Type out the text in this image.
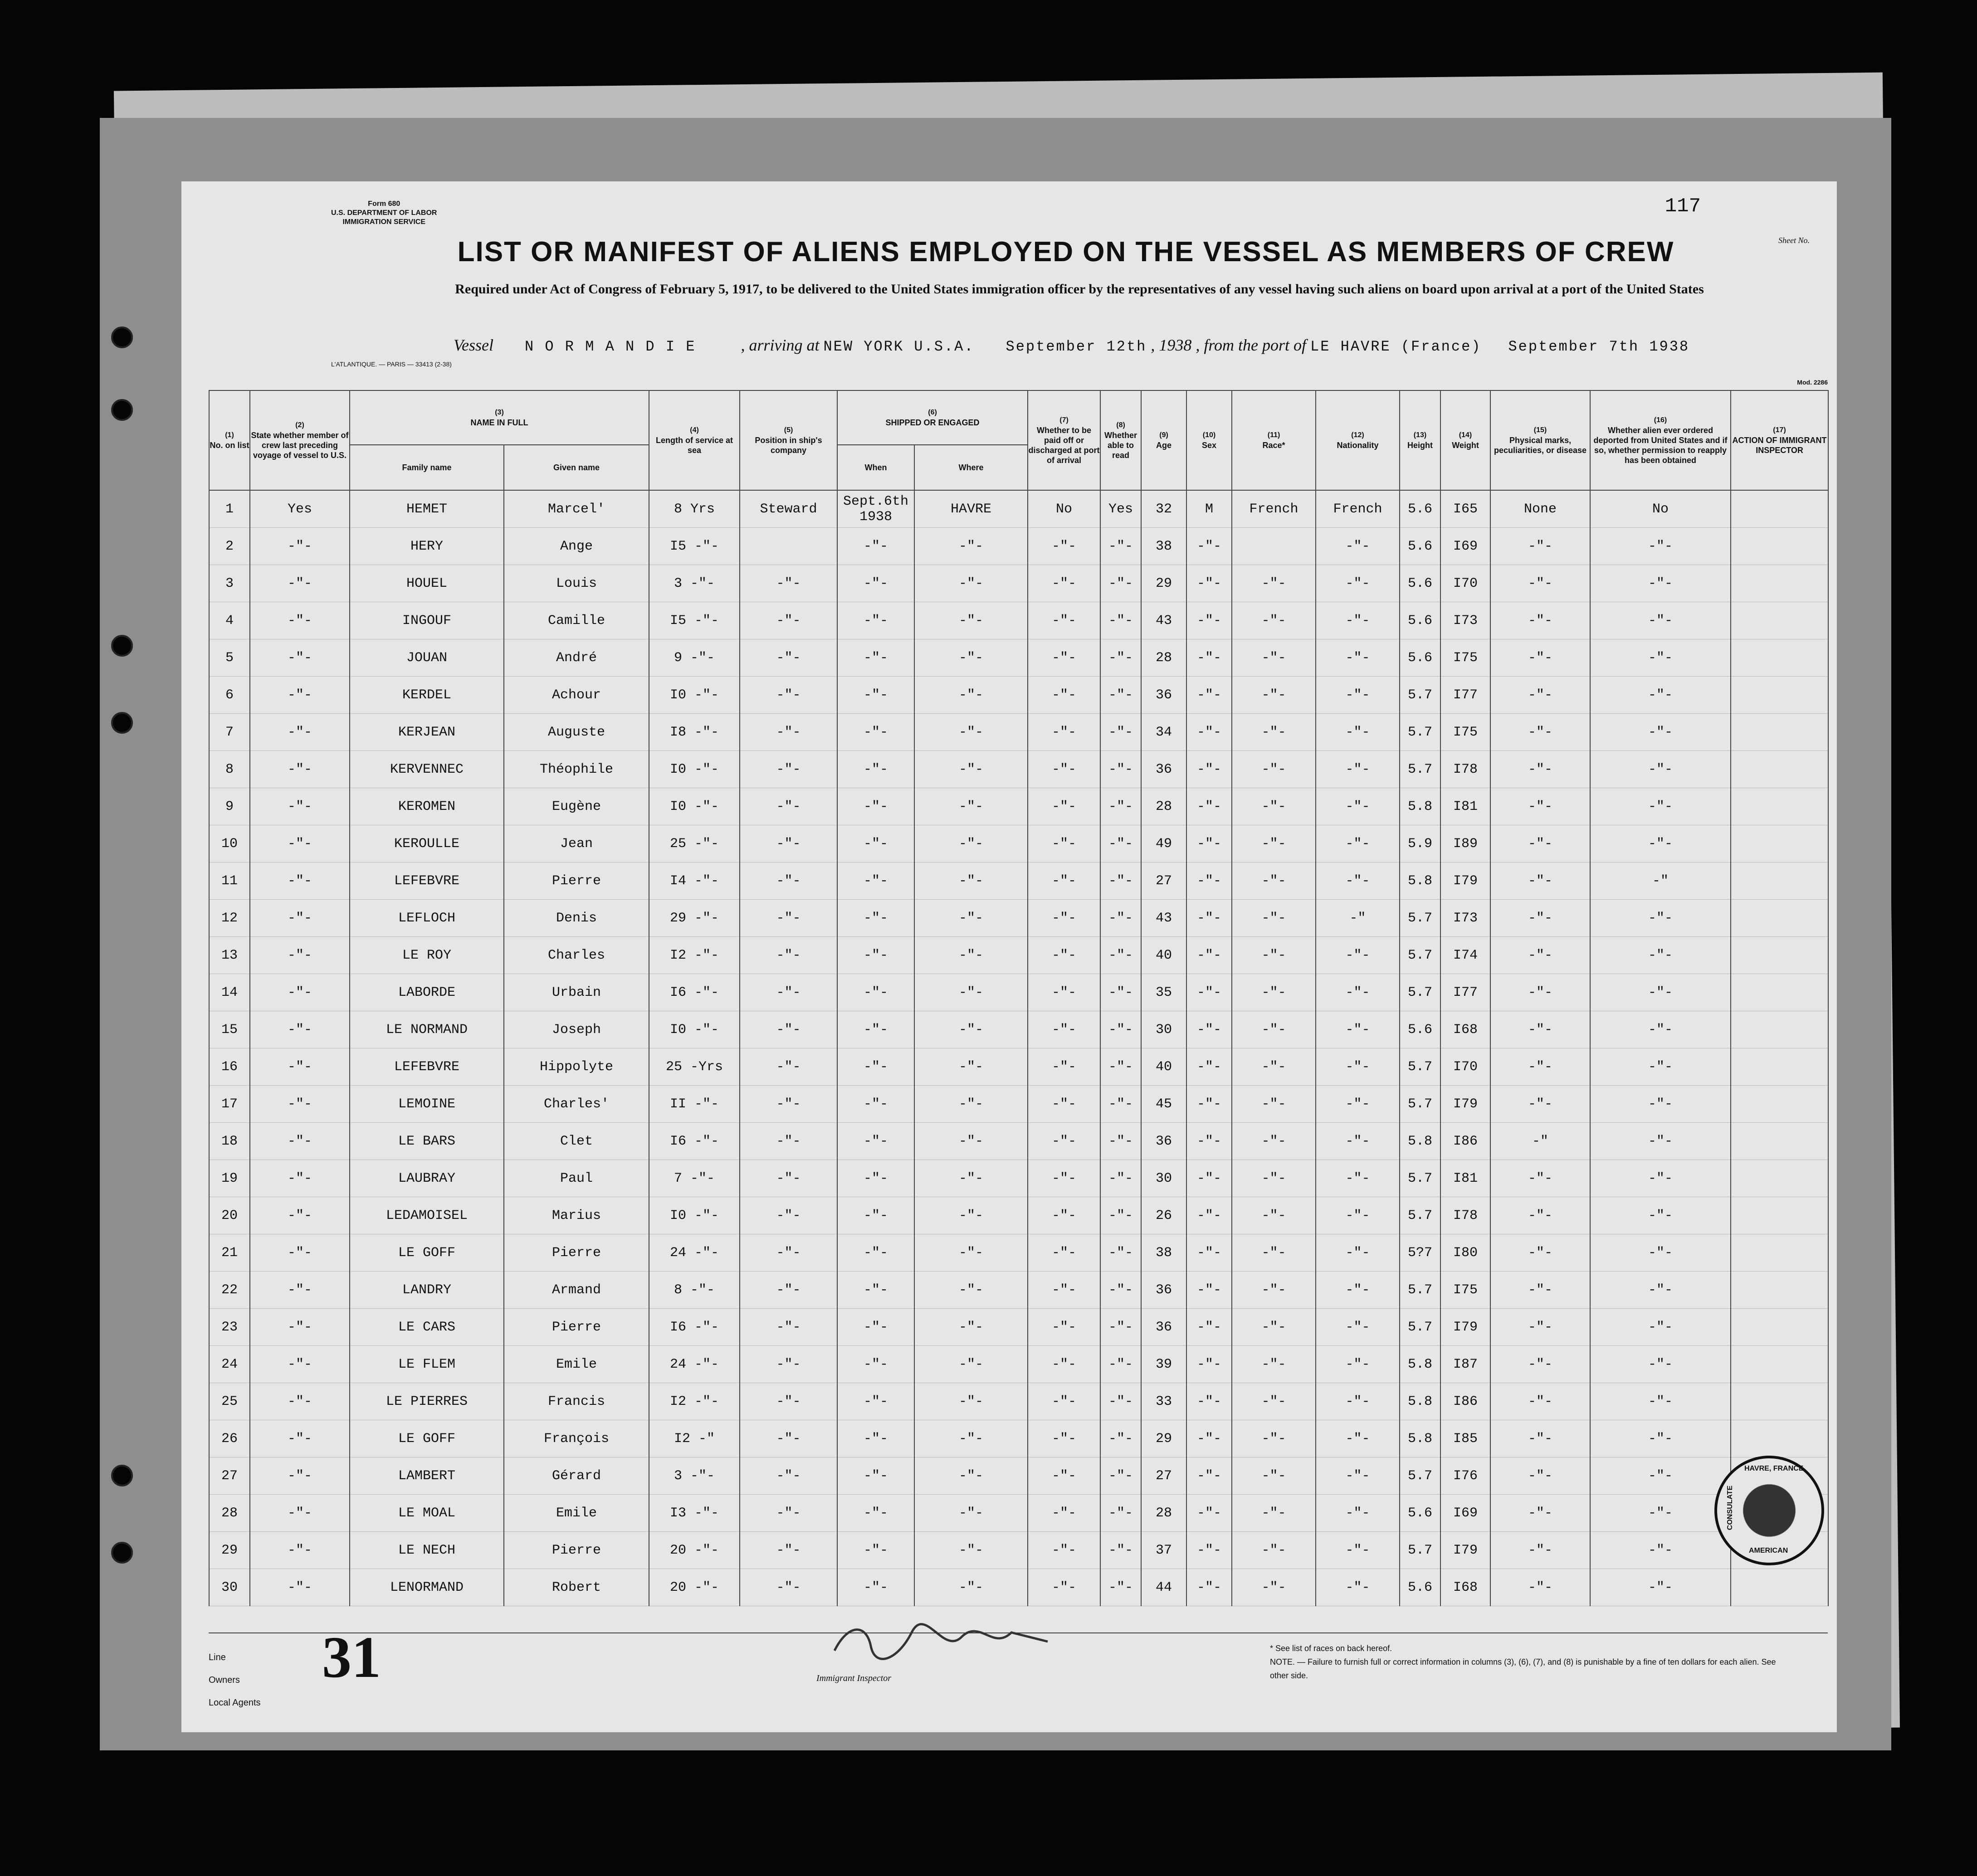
Form 680
U.S. DEPARTMENT OF LABOR
IMMIGRATION SERVICE
117
Sheet No.
LIST OR MANIFEST OF ALIENS EMPLOYED ON THE VESSEL AS MEMBERS OF CREW
Required under Act of Congress of February 5, 1917, to be delivered to the United States immigration officer by the representatives of any vessel having such aliens on board upon arrival at a port of the United States
Vessel N O R M A N D I E	, arriving at NEW YORK U.S.A. September 12th , 1938 , from the port of LE HAVRE (France) September 7th 1938
L'ATLANTIQUE. — PARIS — 33413 (2-38)
Mod. 2286
(1)
No. on list	(2)
State whether member of crew last preceding voyage of vessel to U.S.	(3)
NAME IN FULL		(4)
Length of service at sea	(5)
Position in ship's company	(6)
SHIPPED OR ENGAGED		(7)
Whether to be paid off or discharged at port of arrival	(8)
Whether able to read	(9)
Age	(10)
Sex	(11)
Race*	(12)
Nationality	(13)
Height	(14)
Weight	(15)
Physical marks, peculiarities, or disease	(16)
Whether alien ever ordered deported from United States and if so, whether permission to reapply has been obtained	(17)
ACTION OF IMMIGRANT INSPECTOR
		Family name	Given name			When	Where											
1	Yes	HEMET	Marcel'	8 Yrs	Steward	Sept.6th 1938	HAVRE	No	Yes	32	M	French	French	5.6	I65	None	No	
2	-"-	HERY	Ange	I5 -"-		-"-	-"-	-"-	-"-	38	-"-		-"-	5.6	I69	-"-	-"-	
3	-"-	HOUEL	Louis	3 -"-	-"-	-"-	-"-	-"-	-"-	29	-"-	-"-	-"-	5.6	I70	-"-	-"-	
4	-"-	INGOUF	Camille	I5 -"-	-"-	-"-	-"-	-"-	-"-	43	-"-	-"-	-"-	5.6	I73	-"-	-"-	
5	-"-	JOUAN	André	9 -"-	-"-	-"-	-"-	-"-	-"-	28	-"-	-"-	-"-	5.6	I75	-"-	-"-	
6	-"-	KERDEL	Achour	I0 -"-	-"-	-"-	-"-	-"-	-"-	36	-"-	-"-	-"-	5.7	I77	-"-	-"-	
7	-"-	KERJEAN	Auguste	I8 -"-	-"-	-"-	-"-	-"-	-"-	34	-"-	-"-	-"-	5.7	I75	-"-	-"-	
8	-"-	KERVENNEC	Théophile	I0 -"-	-"-	-"-	-"-	-"-	-"-	36	-"-	-"-	-"-	5.7	I78	-"-	-"-	
9	-"-	KEROMEN	Eugène	I0 -"-	-"-	-"-	-"-	-"-	-"-	28	-"-	-"-	-"-	5.8	I81	-"-	-"-	
10	-"-	KEROULLE	Jean	25 -"-	-"-	-"-	-"-	-"-	-"-	49	-"-	-"-	-"-	5.9	I89	-"-	-"-	
11	-"-	LEFEBVRE	Pierre	I4 -"-	-"-	-"-	-"-	-"-	-"-	27	-"-	-"-	-"-	5.8	I79	-"-	-"	
12	-"-	LEFLOCH	Denis	29 -"-	-"-	-"-	-"-	-"-	-"-	43	-"-	-"-	-"	5.7	I73	-"-	-"-	
13	-"-	LE ROY	Charles	I2 -"-	-"-	-"-	-"-	-"-	-"-	40	-"-	-"-	-"-	5.7	I74	-"-	-"-	
14	-"-	LABORDE	Urbain	I6 -"-	-"-	-"-	-"-	-"-	-"-	35	-"-	-"-	-"-	5.7	I77	-"-	-"-	
15	-"-	LE NORMAND	Joseph	I0 -"-	-"-	-"-	-"-	-"-	-"-	30	-"-	-"-	-"-	5.6	I68	-"-	-"-	
16	-"-	LEFEBVRE	Hippolyte	25 -Yrs	-"-	-"-	-"-	-"-	-"-	40	-"-	-"-	-"-	5.7	I70	-"-	-"-	
17	-"-	LEMOINE	Charles'	II -"-	-"-	-"-	-"-	-"-	-"-	45	-"-	-"-	-"-	5.7	I79	-"-	-"-	
18	-"-	LE BARS	Clet	I6 -"-	-"-	-"-	-"-	-"-	-"-	36	-"-	-"-	-"-	5.8	I86	-"	-"-	
19	-"-	LAUBRAY	Paul	7 -"-	-"-	-"-	-"-	-"-	-"-	30	-"-	-"-	-"-	5.7	I81	-"-	-"-	
20	-"-	LEDAMOISEL	Marius	I0 -"-	-"-	-"-	-"-	-"-	-"-	26	-"-	-"-	-"-	5.7	I78	-"-	-"-	
21	-"-	LE GOFF	Pierre	24 -"-	-"-	-"-	-"-	-"-	-"-	38	-"-	-"-	-"-	5?7	I80	-"-	-"-	
22	-"-	LANDRY	Armand	8 -"-	-"-	-"-	-"-	-"-	-"-	36	-"-	-"-	-"-	5.7	I75	-"-	-"-	
23	-"-	LE CARS	Pierre	I6 -"-	-"-	-"-	-"-	-"-	-"-	36	-"-	-"-	-"-	5.7	I79	-"-	-"-	
24	-"-	LE FLEM	Emile	24 -"-	-"-	-"-	-"-	-"-	-"-	39	-"-	-"-	-"-	5.8	I87	-"-	-"-	
25	-"-	LE PIERRES	Francis	I2 -"-	-"-	-"-	-"-	-"-	-"-	33	-"-	-"-	-"-	5.8	I86	-"-	-"-	
26	-"-	LE GOFF	François	I2 -"	-"-	-"-	-"-	-"-	-"-	29	-"-	-"-	-"-	5.8	I85	-"-	-"-	
27	-"-	LAMBERT	Gérard	3 -"-	-"-	-"-	-"-	-"-	-"-	27	-"-	-"-	-"-	5.7	I76	-"-	-"-	
28	-"-	LE MOAL	Emile	I3 -"-	-"-	-"-	-"-	-"-	-"-	28	-"-	-"-	-"-	5.6	I69	-"-	-"-	
29	-"-	LE NECH	Pierre	20 -"-	-"-	-"-	-"-	-"-	-"-	37	-"-	-"-	-"-	5.7	I79	-"-	-"-	
30	-"-	LENORMAND	Robert	20 -"-	-"-	-"-	-"-	-"-	-"-	44	-"-	-"-	-"-	5.6	I68	-"-	-"-	
Line
Owners
Local Agents
31	Immigrant Inspector
* See list of races on back hereof.
NOTE. — Failure to furnish full or correct information in columns (3), (6), (7), and (8) is punishable by a fine of ten dollars for each alien. See other side.
HAVRE, FRANCE
CONSULATE
AMERICAN
